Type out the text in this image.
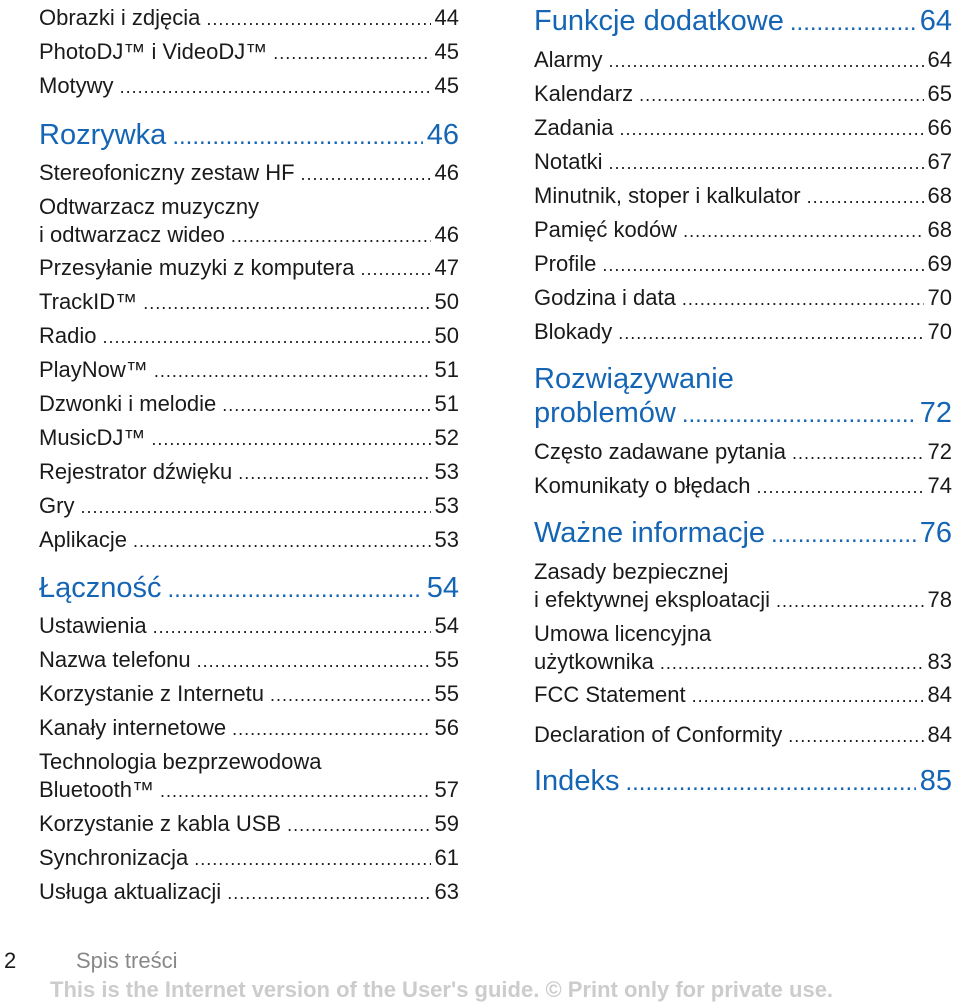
Obrazki i zdjęcia .....	44
PhotoDJ™ i VideoDJ™ .....	45
Motywy .....	45
Rozrywka .....	46
Stereofoniczny zestaw HF .....	46
Odtwarzacz muzyczny
i odtwarzacz wideo .....	46
Przesyłanie muzyki z komputera .....	47
TrackID™ .....	50
Radio .....	50
PlayNow™ .....	51
Dzwonki i melodie .....	51
MusicDJ™ .....	52
Rejestrator dźwięku .....	53
Gry .....	53
Aplikacje .....	53
Łączność .....	54
Ustawienia .....	54
Nazwa telefonu .....	55
Korzystanie z Internetu .....	55
Kanały internetowe .....	56
Technologia bezprzewodowa
Bluetooth™ .....	57
Korzystanie z kabla USB .....	59
Synchronizacja .....	61
Usługa aktualizacji .....	63
Funkcje dodatkowe .....	64
Alarmy .....	64
Kalendarz .....	65
Zadania .....	66
Notatki .....	67
Minutnik, stoper i kalkulator .....	68
Pamięć kodów .....	68
Profile .....	69
Godzina i data .....	70
Blokady .....	70
Rozwiązywanie
problemów .....	72
Często zadawane pytania .....	72
Komunikaty o błędach .....	74
Ważne informacje .....	76
Zasady bezpiecznej
i efektywnej eksploatacji .....	78
Umowa licencyjna
użytkownika .....	83
FCC Statement .....	84
Declaration of Conformity .....	84
Indeks .....	85
2	Spis treści
This is the Internet version of the User's guide. © Print only for private use.
